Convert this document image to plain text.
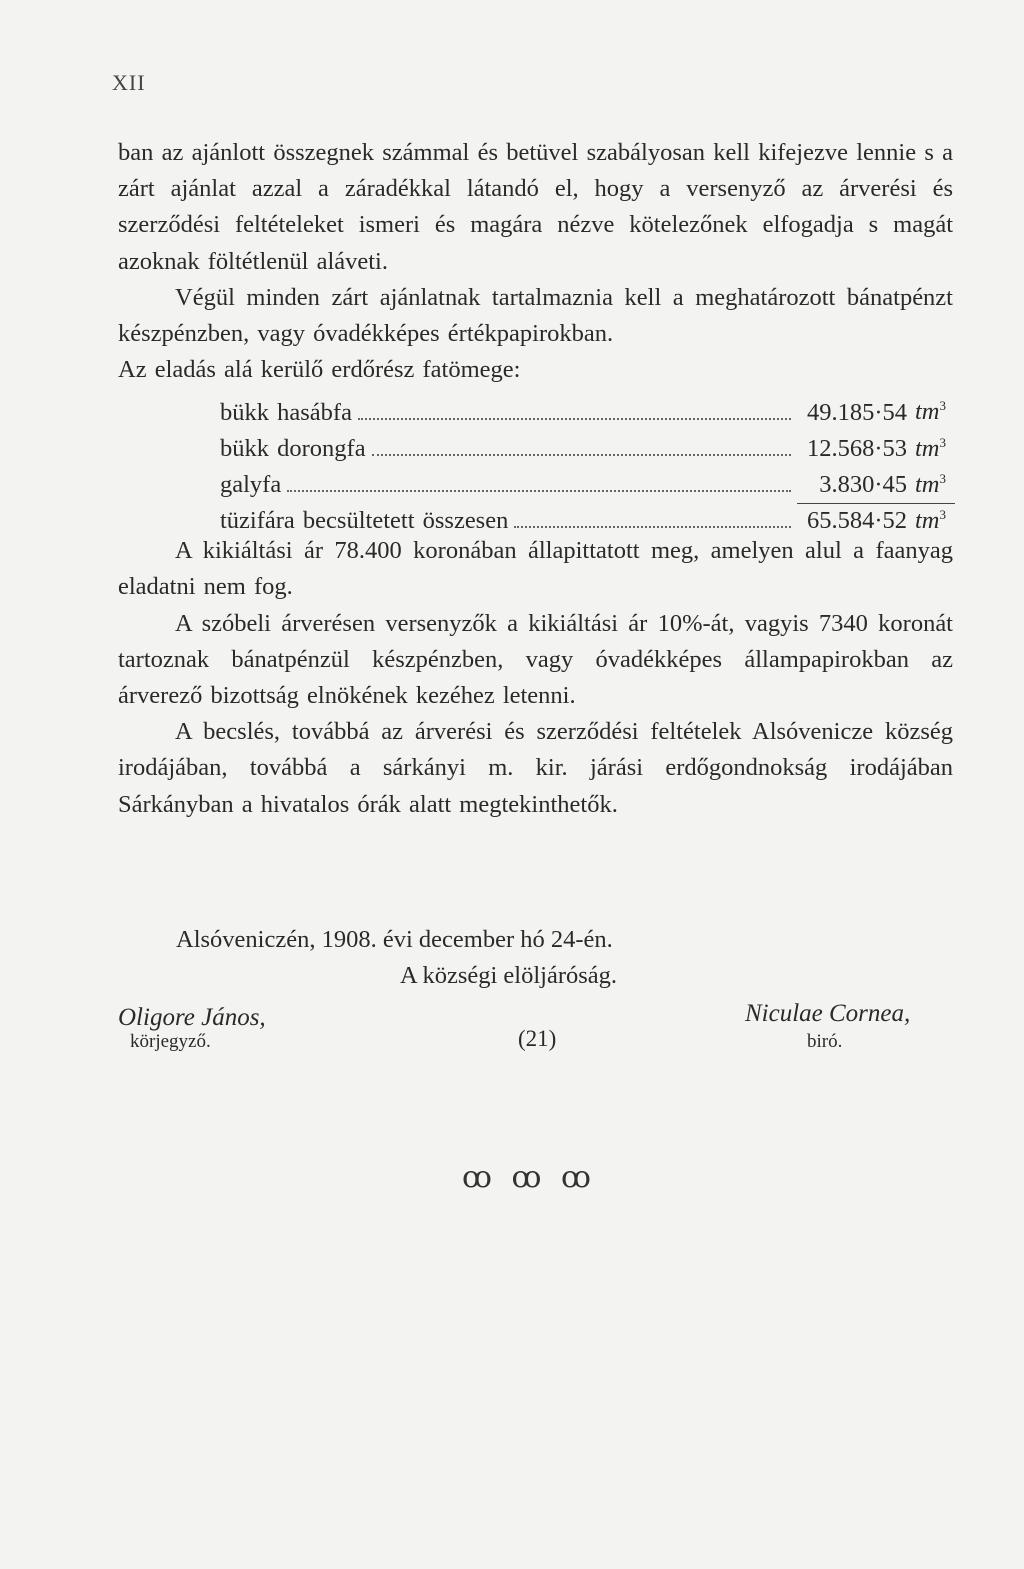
XII

ban az ajánlott összegnek számmal és betüvel szabályosan kell kifejezve lennie s a zárt ajánlat azzal a záradékkal látandó el, hogy a versenyző az árverési és szerződési feltételeket ismeri és magára nézve kötelezőnek elfogadja s magát azoknak föltétlenül aláveti.

Végül minden zárt ajánlatnak tartalmaznia kell a meghatározott bánatpénzt készpénzben, vagy óvadékképes értékpapirokban.

Az eladás alá kerülő erdőrész fatömege:

bükk hasábfa	49.185·54 $tm^3$
bükk dorongfa	12.568·53 $tm^3$
galyfa	3.830·45 $tm^3$
tüzifára becsültetett összesen	65.584·52 $tm^3$

A kikiáltási ár 78.400 koronában állapittatott meg, amelyen alul a faanyag eladatni nem fog.

A szóbeli árverésen versenyzők a kikiáltási ár 10%-át, vagyis 7340 koronát tartoznak bánatpénzül készpénzben, vagy óvadékképes állampapirokban az árverező bizottság elnökének kezéhez letenni.

A becslés, továbbá az árverési és szerződési feltételek Alsóvenicze község irodájában, továbbá a sárkányi m. kir. járási erdőgondnokság irodájában Sárkányban a hivatalos órák alatt megtekinthetők.

Alsóveniczén, 1908. évi december hó 24-én.
A községi elöljáróság.
Oligore János,
körjegyző.	(21)
Niculae Cornea,
biró.
ꝏ ꝏ ꝏ
